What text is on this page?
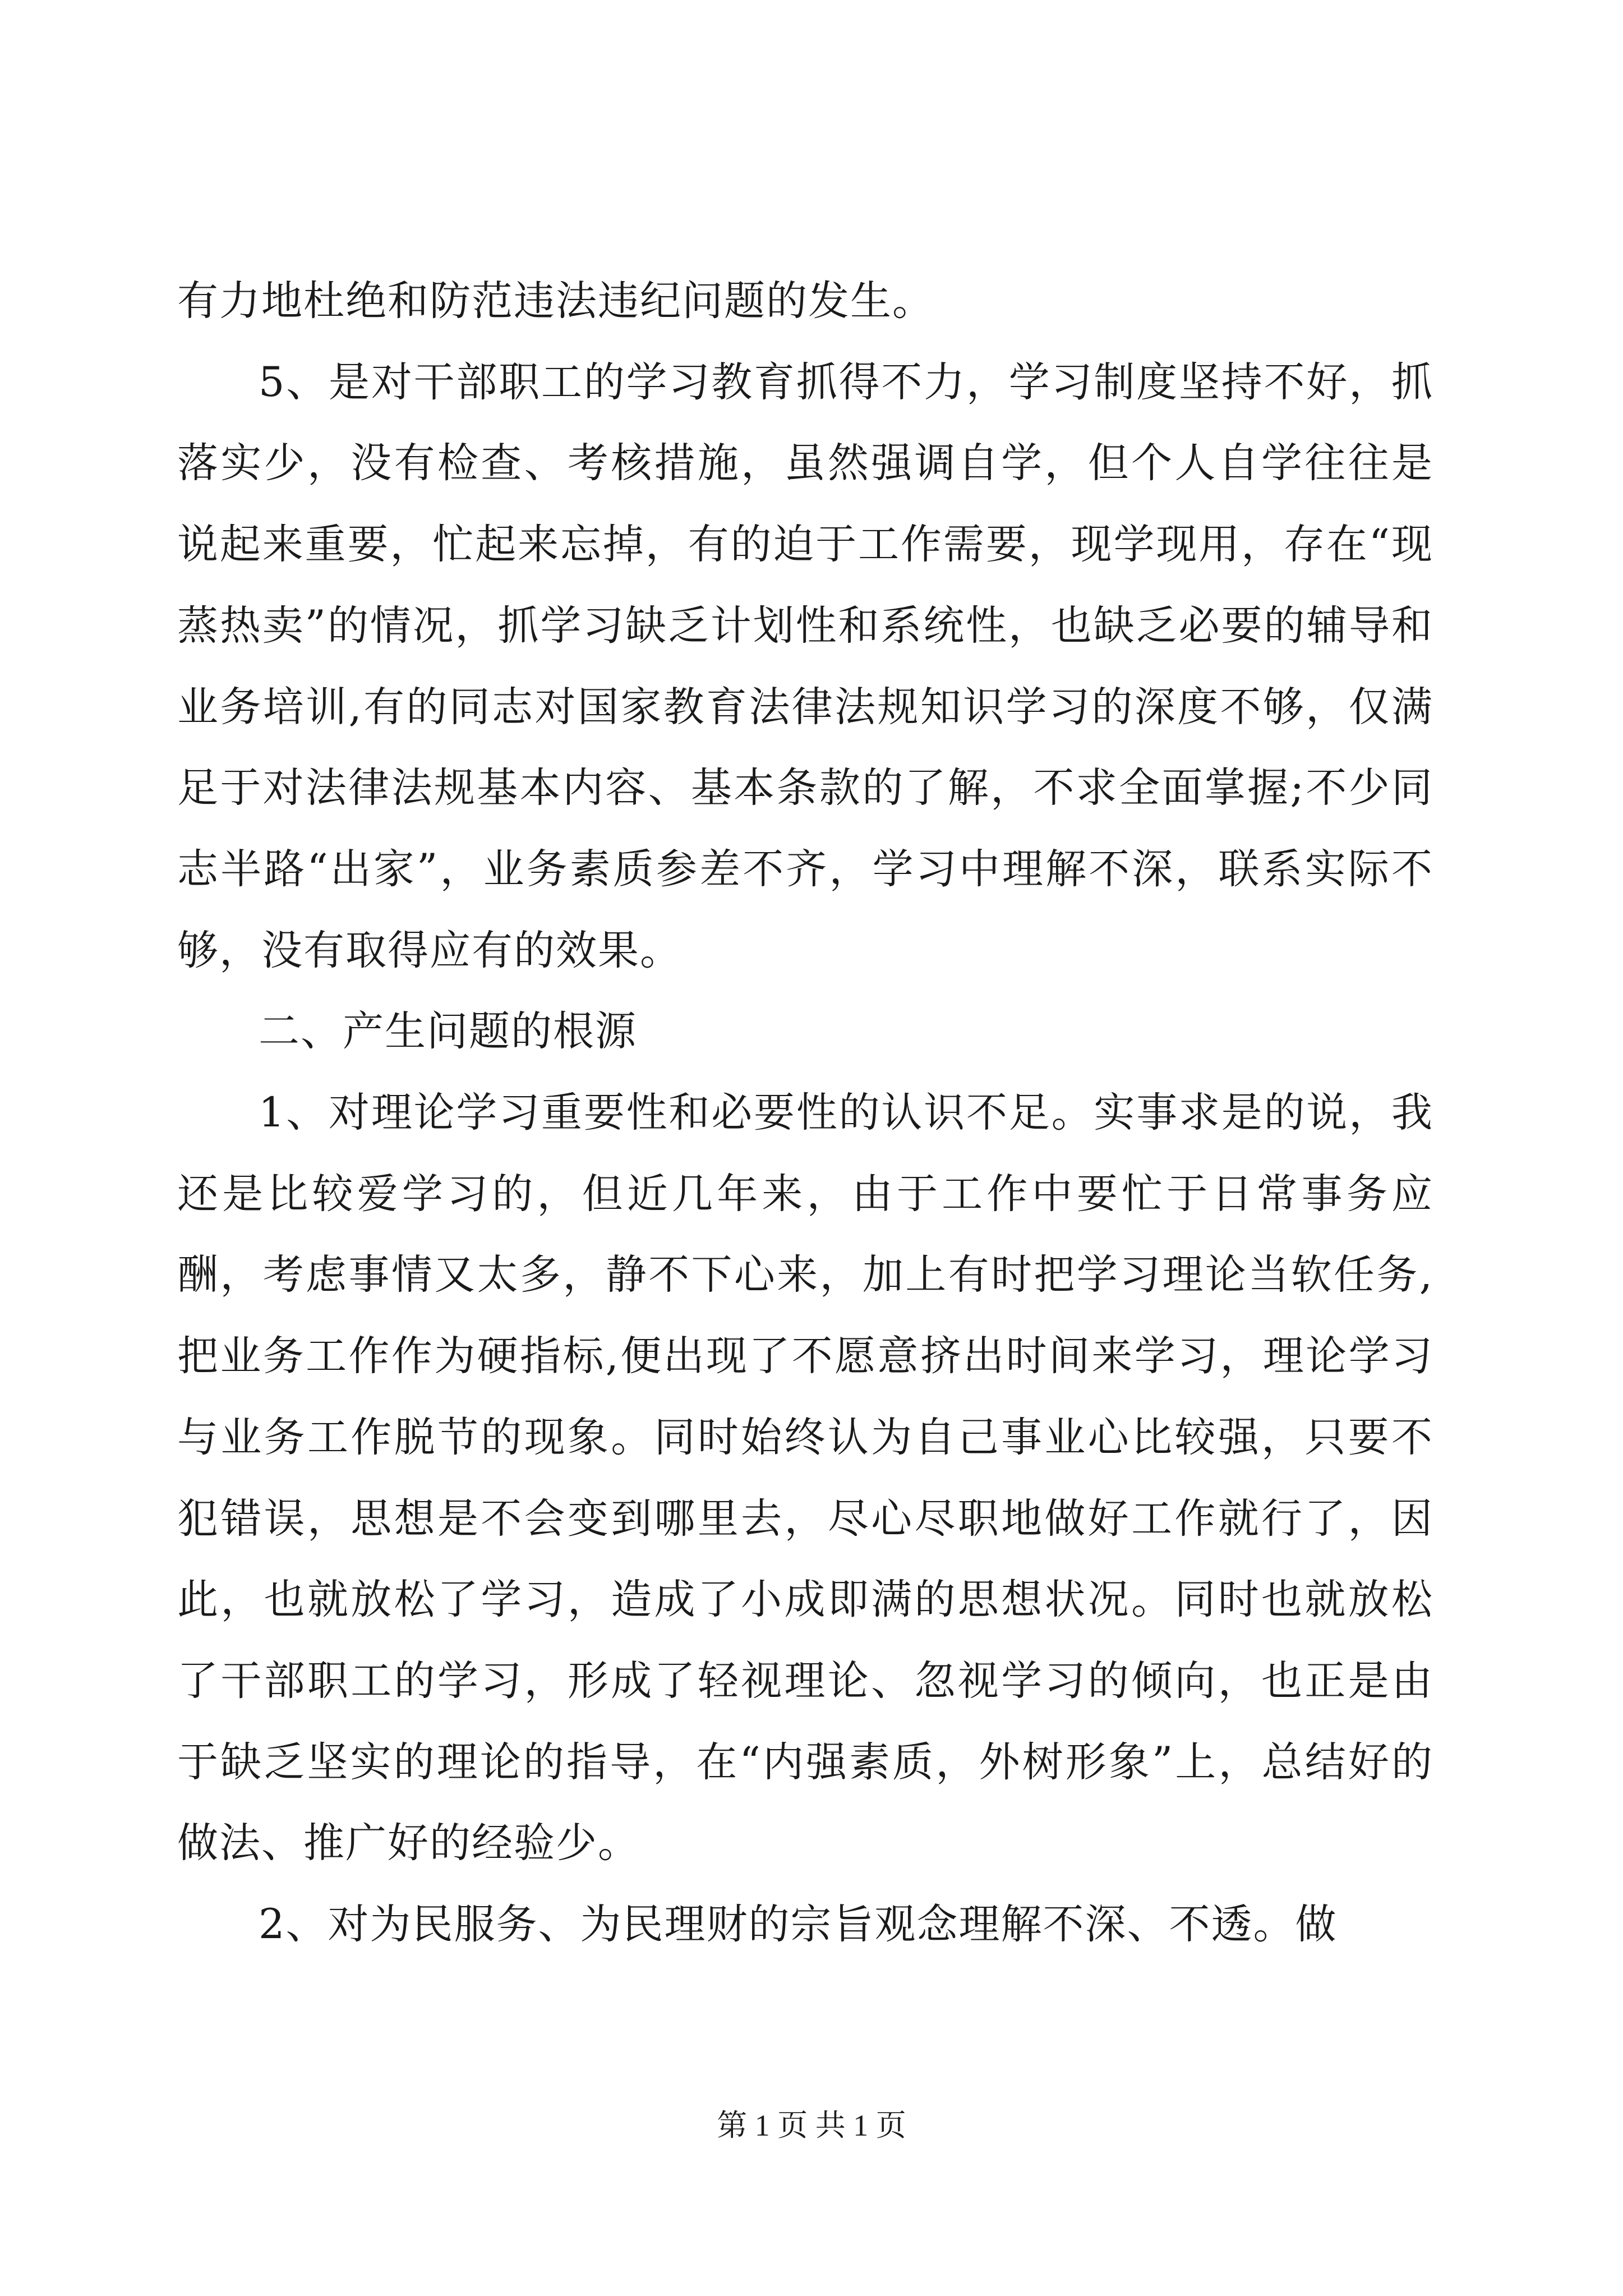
有力地杜绝和防范违法违纪问题的发生。

5、是对干部职工的学习教育抓得不力，学习制度坚持不好，抓落实少，没有检查、考核措施，虽然强调自学，但个人自学往往是说起来重要，忙起来忘掉，有的迫于工作需要，现学现用，存在“现蒸热卖”的情况，抓学习缺乏计划性和系统性，也缺乏必要的辅导和业务培训,有的同志对国家教育法律法规知识学习的深度不够，仅满足于对法律法规基本内容、基本条款的了解，不求全面掌握;不少同志半路“出家”，业务素质参差不齐，学习中理解不深，联系实际不够，没有取得应有的效果。

二、产生问题的根源

1、对理论学习重要性和必要性的认识不足。实事求是的说，我还是比较爱学习的，但近几年来，由于工作中要忙于日常事务应酬，考虑事情又太多，静不下心来，加上有时把学习理论当软任务,把业务工作作为硬指标,便出现了不愿意挤出时间来学习，理论学习与业务工作脱节的现象。同时始终认为自己事业心比较强，只要不犯错误，思想是不会变到哪里去，尽心尽职地做好工作就行了，因此，也就放松了学习，造成了小成即满的思想状况。同时也就放松了干部职工的学习，形成了轻视理论、忽视学习的倾向，也正是由于缺乏坚实的理论的指导，在“内强素质，外树形象”上，总结好的做法、推广好的经验少。

2、对为民服务、为民理财的宗旨观念理解不深、不透。做

第 1 页 共 1 页
